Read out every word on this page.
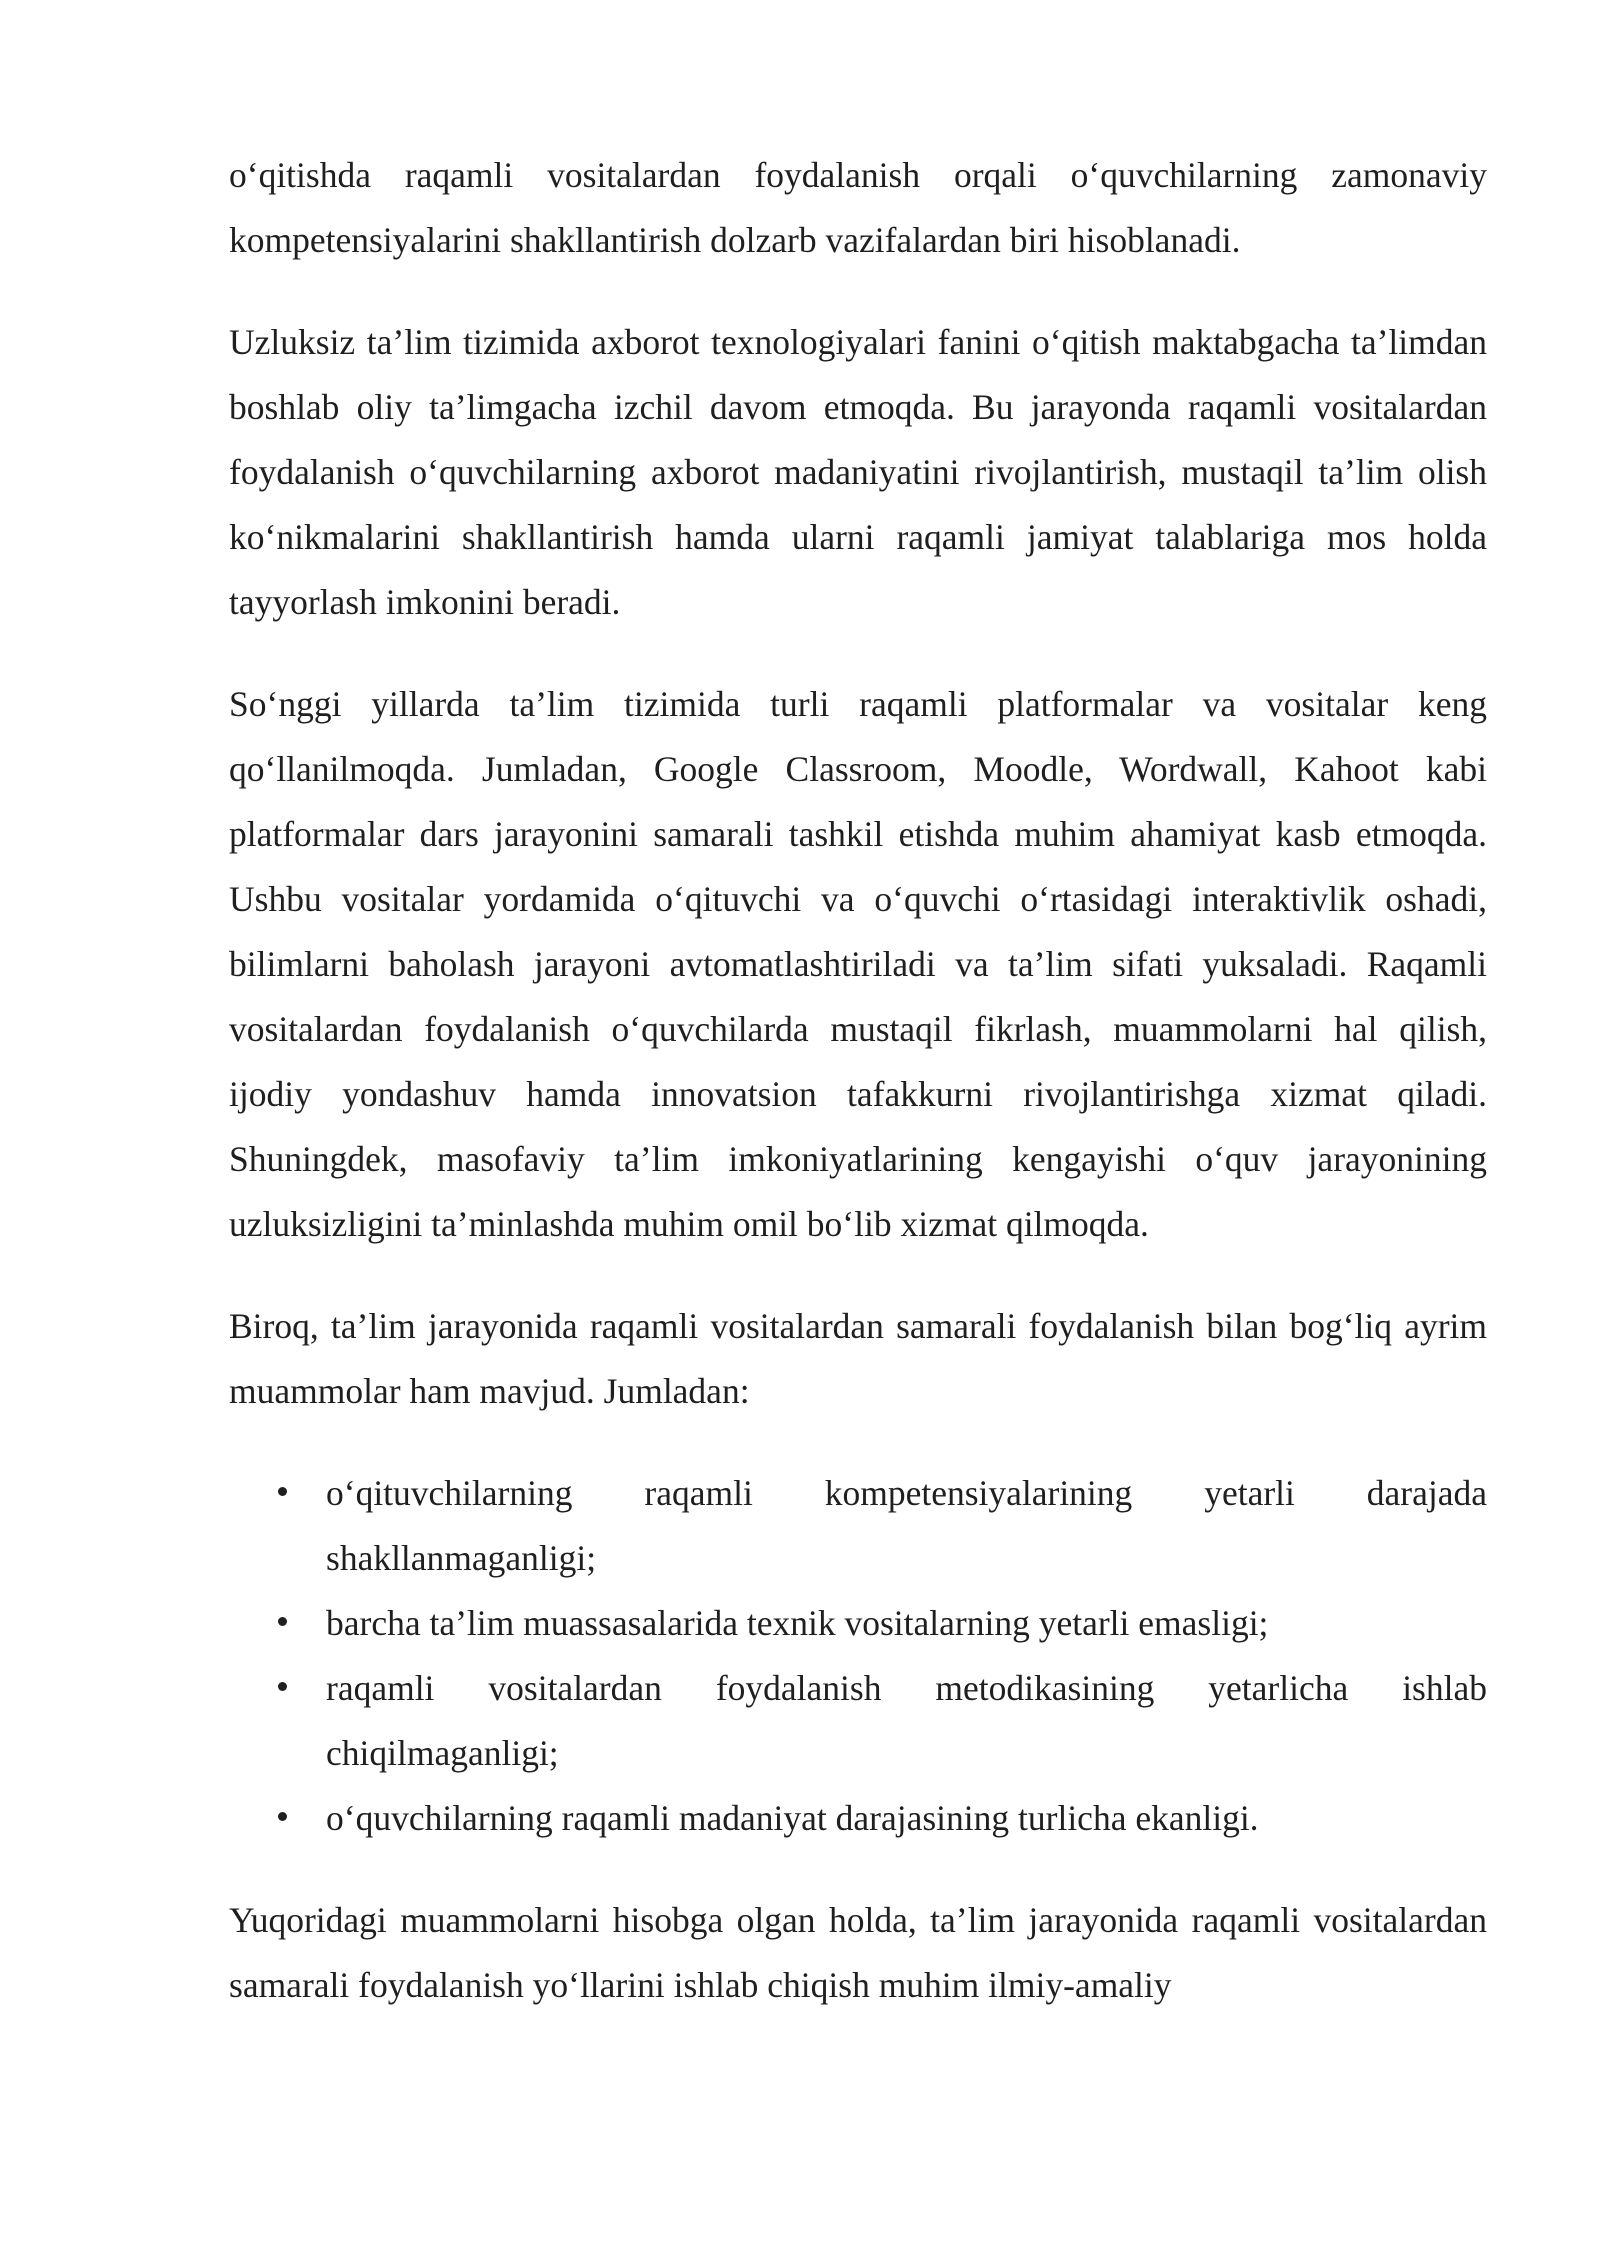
o‘qitishda raqamli vositalardan foydalanish orqali o‘quvchilarning zamonaviy kompetensiyalarini shakllantirish dolzarb vazifalardan biri hisoblanadi.

Uzluksiz ta’lim tizimida axborot texnologiyalari fanini o‘qitish maktabgacha ta’limdan boshlab oliy ta’limgacha izchil davom etmoqda. Bu jarayonda raqamli vositalardan foydalanish o‘quvchilarning axborot madaniyatini rivojlantirish, mustaqil ta’lim olish ko‘nikmalarini shakllantirish hamda ularni raqamli jamiyat talablariga mos holda tayyorlash imkonini beradi.

So‘nggi yillarda ta’lim tizimida turli raqamli platformalar va vositalar keng qo‘llanilmoqda. Jumladan, Google Classroom, Moodle, Wordwall, Kahoot kabi platformalar dars jarayonini samarali tashkil etishda muhim ahamiyat kasb etmoqda. Ushbu vositalar yordamida o‘qituvchi va o‘quvchi o‘rtasidagi interaktivlik oshadi, bilimlarni baholash jarayoni avtomatlashtiriladi va ta’lim sifati yuksaladi. Raqamli vositalardan foydalanish o‘quvchilarda mustaqil fikrlash, muammolarni hal qilish, ijodiy yondashuv hamda innovatsion tafakkurni rivojlantirishga xizmat qiladi. Shuningdek, masofaviy ta’lim imkoniyatlarining kengayishi o‘quv jarayonining uzluksizligini ta’minlashda muhim omil bo‘lib xizmat qilmoqda.

Biroq, ta’lim jarayonida raqamli vositalardan samarali foydalanish bilan bog‘liq ayrim muammolar ham mavjud. Jumladan:

o‘qituvchilarning raqamli kompetensiyalarining yetarli darajada shakllanmaganligi;
barcha ta’lim muassasalarida texnik vositalarning yetarli emasligi;
raqamli vositalardan foydalanish metodikasining yetarlicha ishlab chiqilmaganligi;
o‘quvchilarning raqamli madaniyat darajasining turlicha ekanligi.

Yuqoridagi muammolarni hisobga olgan holda, ta’lim jarayonida raqamli vositalardan samarali foydalanish yo‘llarini ishlab chiqish muhim ilmiy-amaliy
